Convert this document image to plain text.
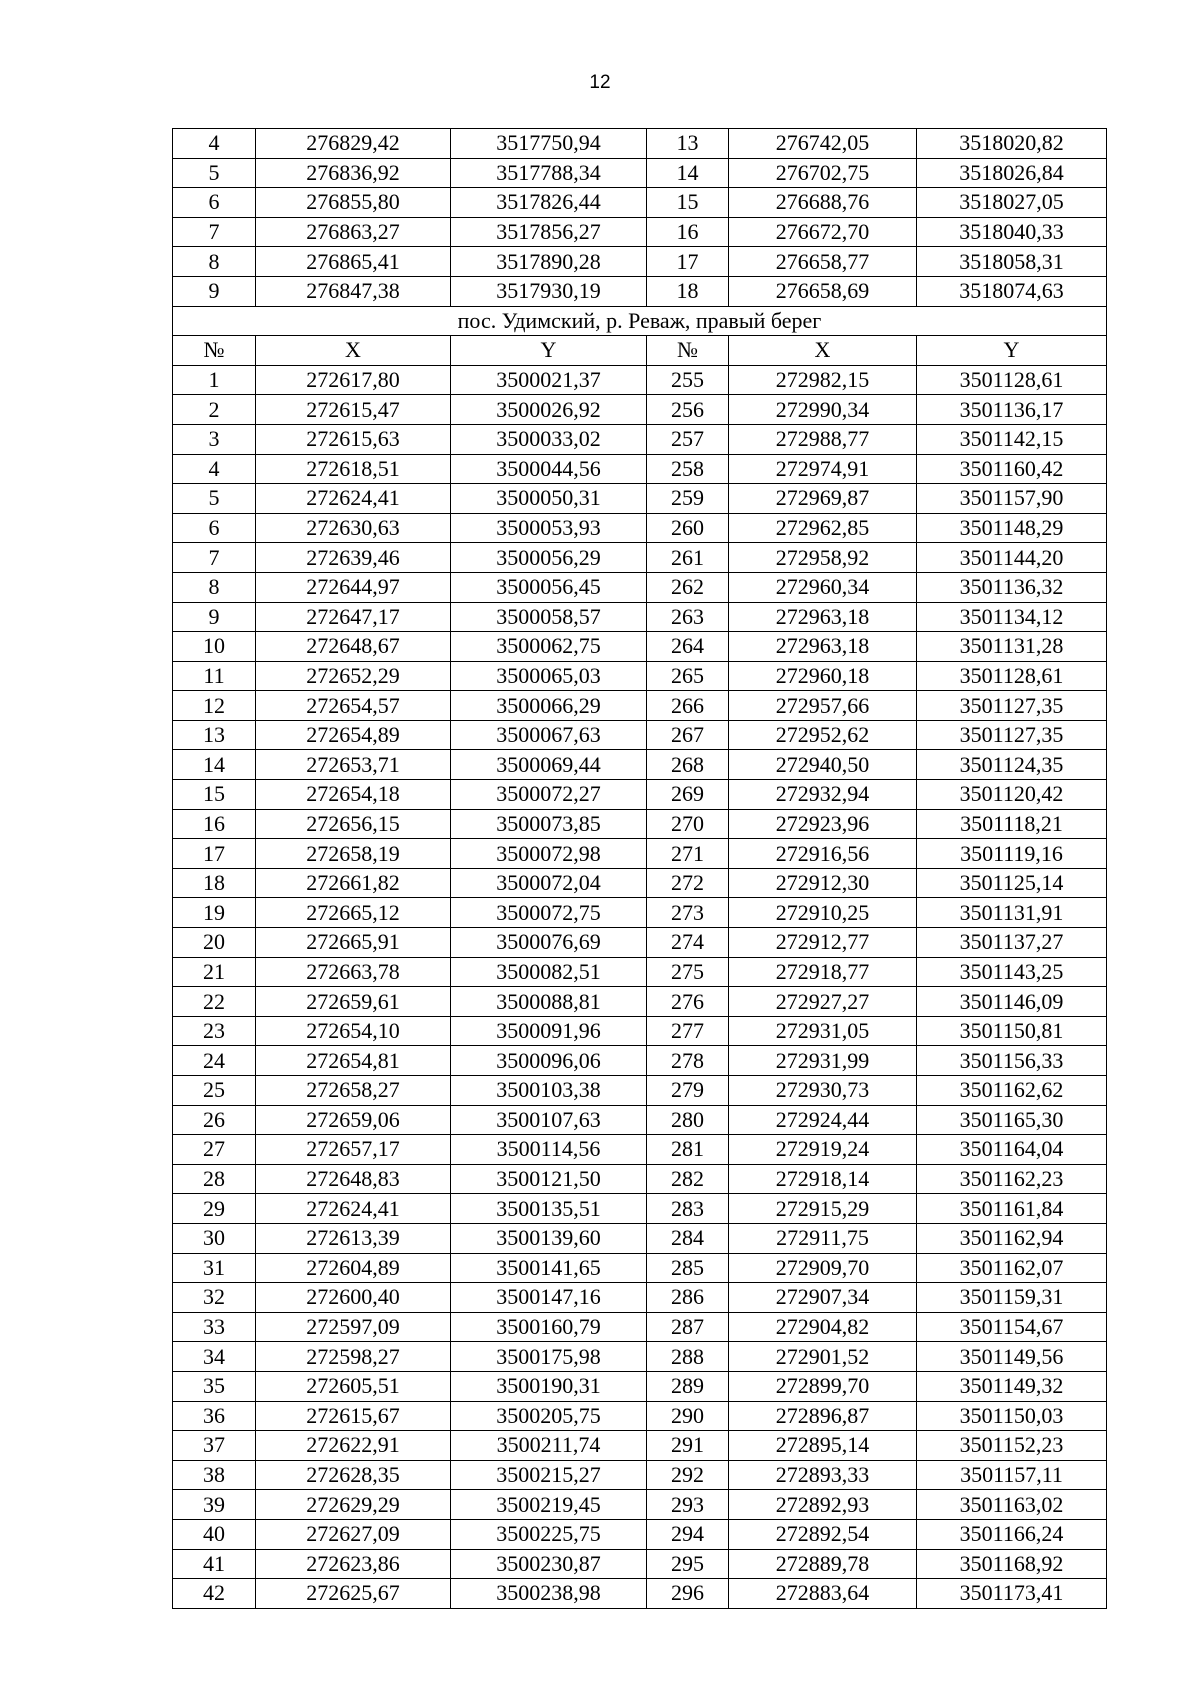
12
4	276829,42	3517750,94	13	276742,05	3518020,82
5	276836,92	3517788,34	14	276702,75	3518026,84
6	276855,80	3517826,44	15	276688,76	3518027,05
7	276863,27	3517856,27	16	276672,70	3518040,33
8	276865,41	3517890,28	17	276658,77	3518058,31
9	276847,38	3517930,19	18	276658,69	3518074,63
пос. Удимский, р. Реваж, правый берег					
№	X	Y	№	X	Y
1	272617,80	3500021,37	255	272982,15	3501128,61
2	272615,47	3500026,92	256	272990,34	3501136,17
3	272615,63	3500033,02	257	272988,77	3501142,15
4	272618,51	3500044,56	258	272974,91	3501160,42
5	272624,41	3500050,31	259	272969,87	3501157,90
6	272630,63	3500053,93	260	272962,85	3501148,29
7	272639,46	3500056,29	261	272958,92	3501144,20
8	272644,97	3500056,45	262	272960,34	3501136,32
9	272647,17	3500058,57	263	272963,18	3501134,12
10	272648,67	3500062,75	264	272963,18	3501131,28
11	272652,29	3500065,03	265	272960,18	3501128,61
12	272654,57	3500066,29	266	272957,66	3501127,35
13	272654,89	3500067,63	267	272952,62	3501127,35
14	272653,71	3500069,44	268	272940,50	3501124,35
15	272654,18	3500072,27	269	272932,94	3501120,42
16	272656,15	3500073,85	270	272923,96	3501118,21
17	272658,19	3500072,98	271	272916,56	3501119,16
18	272661,82	3500072,04	272	272912,30	3501125,14
19	272665,12	3500072,75	273	272910,25	3501131,91
20	272665,91	3500076,69	274	272912,77	3501137,27
21	272663,78	3500082,51	275	272918,77	3501143,25
22	272659,61	3500088,81	276	272927,27	3501146,09
23	272654,10	3500091,96	277	272931,05	3501150,81
24	272654,81	3500096,06	278	272931,99	3501156,33
25	272658,27	3500103,38	279	272930,73	3501162,62
26	272659,06	3500107,63	280	272924,44	3501165,30
27	272657,17	3500114,56	281	272919,24	3501164,04
28	272648,83	3500121,50	282	272918,14	3501162,23
29	272624,41	3500135,51	283	272915,29	3501161,84
30	272613,39	3500139,60	284	272911,75	3501162,94
31	272604,89	3500141,65	285	272909,70	3501162,07
32	272600,40	3500147,16	286	272907,34	3501159,31
33	272597,09	3500160,79	287	272904,82	3501154,67
34	272598,27	3500175,98	288	272901,52	3501149,56
35	272605,51	3500190,31	289	272899,70	3501149,32
36	272615,67	3500205,75	290	272896,87	3501150,03
37	272622,91	3500211,74	291	272895,14	3501152,23
38	272628,35	3500215,27	292	272893,33	3501157,11
39	272629,29	3500219,45	293	272892,93	3501163,02
40	272627,09	3500225,75	294	272892,54	3501166,24
41	272623,86	3500230,87	295	272889,78	3501168,92
42	272625,67	3500238,98	296	272883,64	3501173,41
